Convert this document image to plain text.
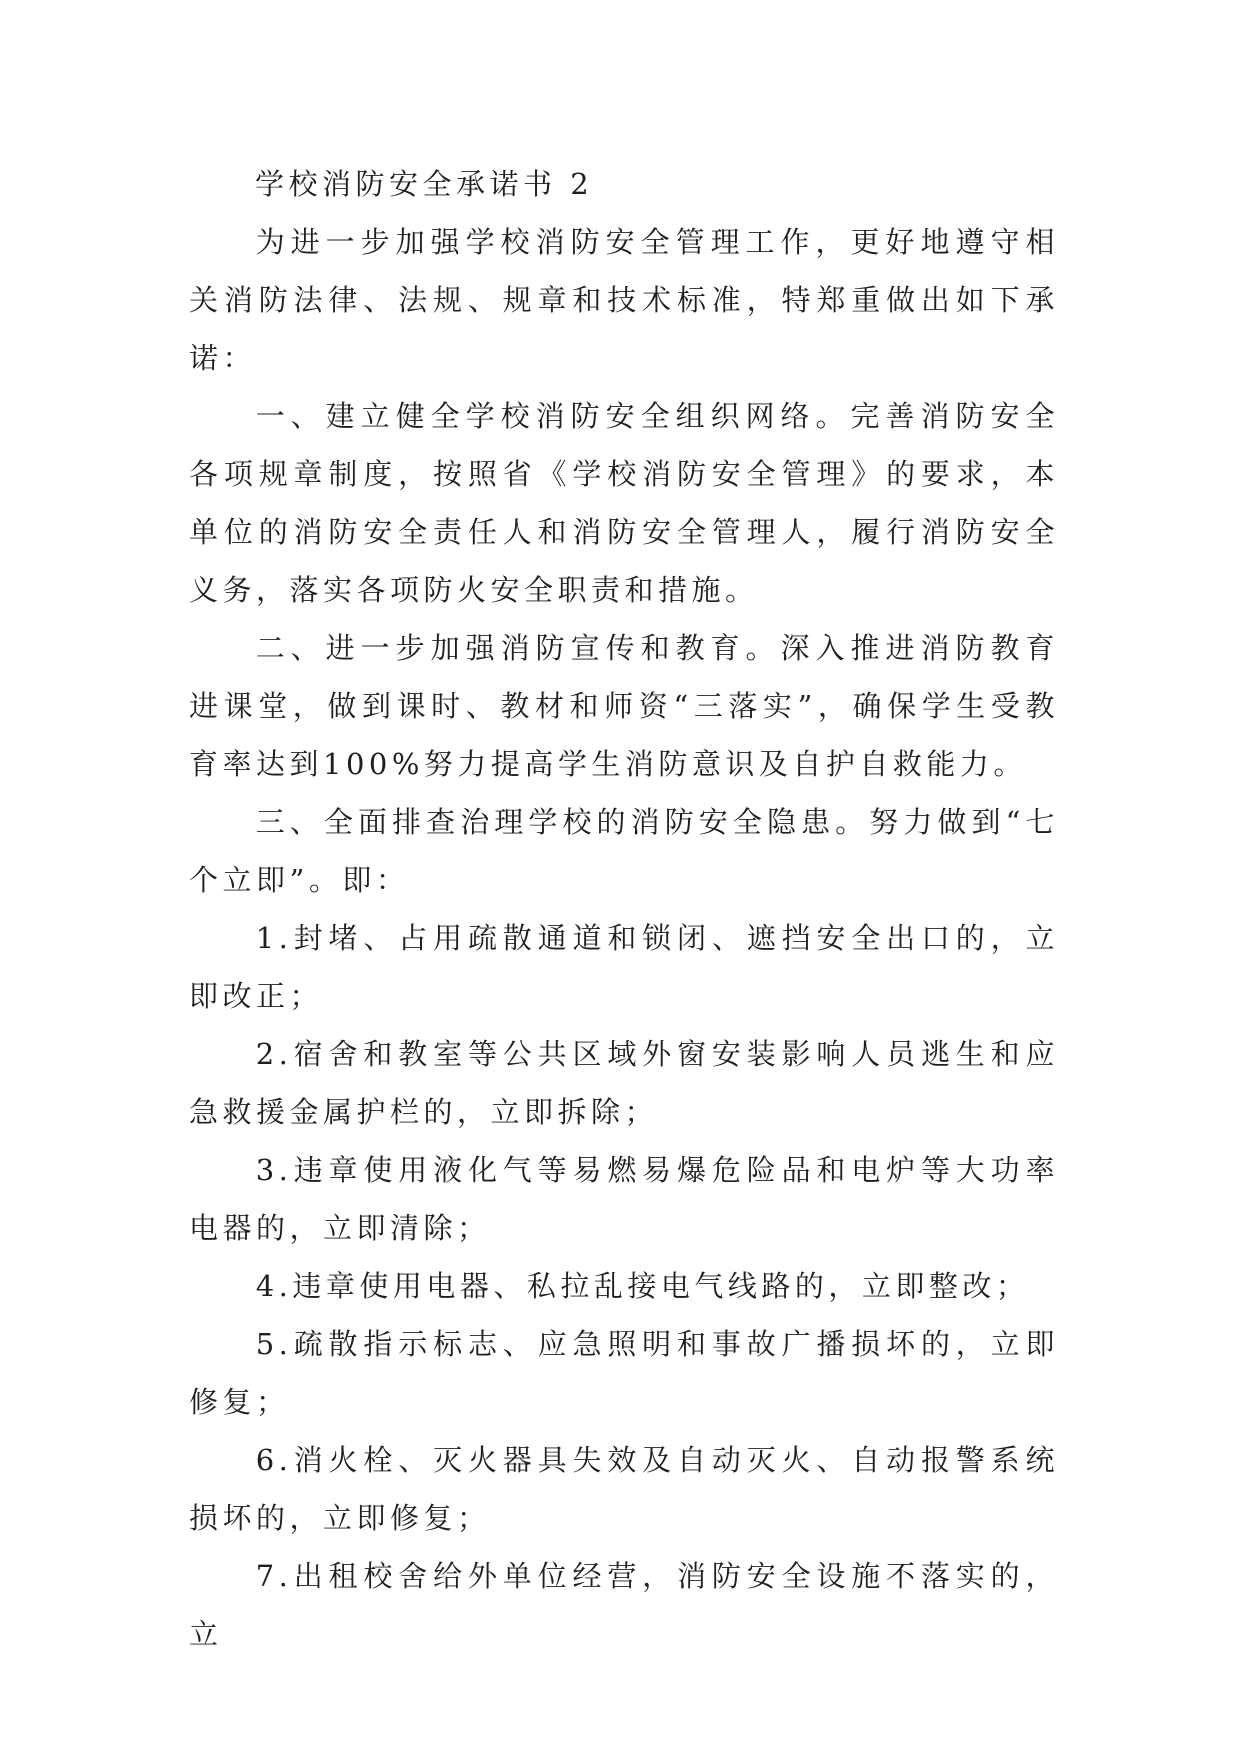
学校消防安全承诺书 2

为进一步加强学校消防安全管理工作，更好地遵守相关消防法律、法规、规章和技术标准，特郑重做出如下承诺：

一、建立健全学校消防安全组织网络。完善消防安全各项规章制度，按照省《学校消防安全管理》的要求，本单位的消防安全责任人和消防安全管理人，履行消防安全义务，落实各项防火安全职责和措施。

二、进一步加强消防宣传和教育。深入推进消防教育进课堂，做到课时、教材和师资“三落实”，确保学生受教育率达到100%努力提高学生消防意识及自护自救能力。

三、全面排查治理学校的消防安全隐患。努力做到“七个立即”。即：

1.封堵、占用疏散通道和锁闭、遮挡安全出口的，立即改正；

2.宿舍和教室等公共区域外窗安装影响人员逃生和应急救援金属护栏的，立即拆除；

3.违章使用液化气等易燃易爆危险品和电炉等大功率电器的，立即清除；

4.违章使用电器、私拉乱接电气线路的，立即整改；

5.疏散指示标志、应急照明和事故广播损坏的，立即修复；

6.消火栓、灭火器具失效及自动灭火、自动报警系统损坏的，立即修复；

7.出租校舍给外单位经营，消防安全设施不落实的，立
